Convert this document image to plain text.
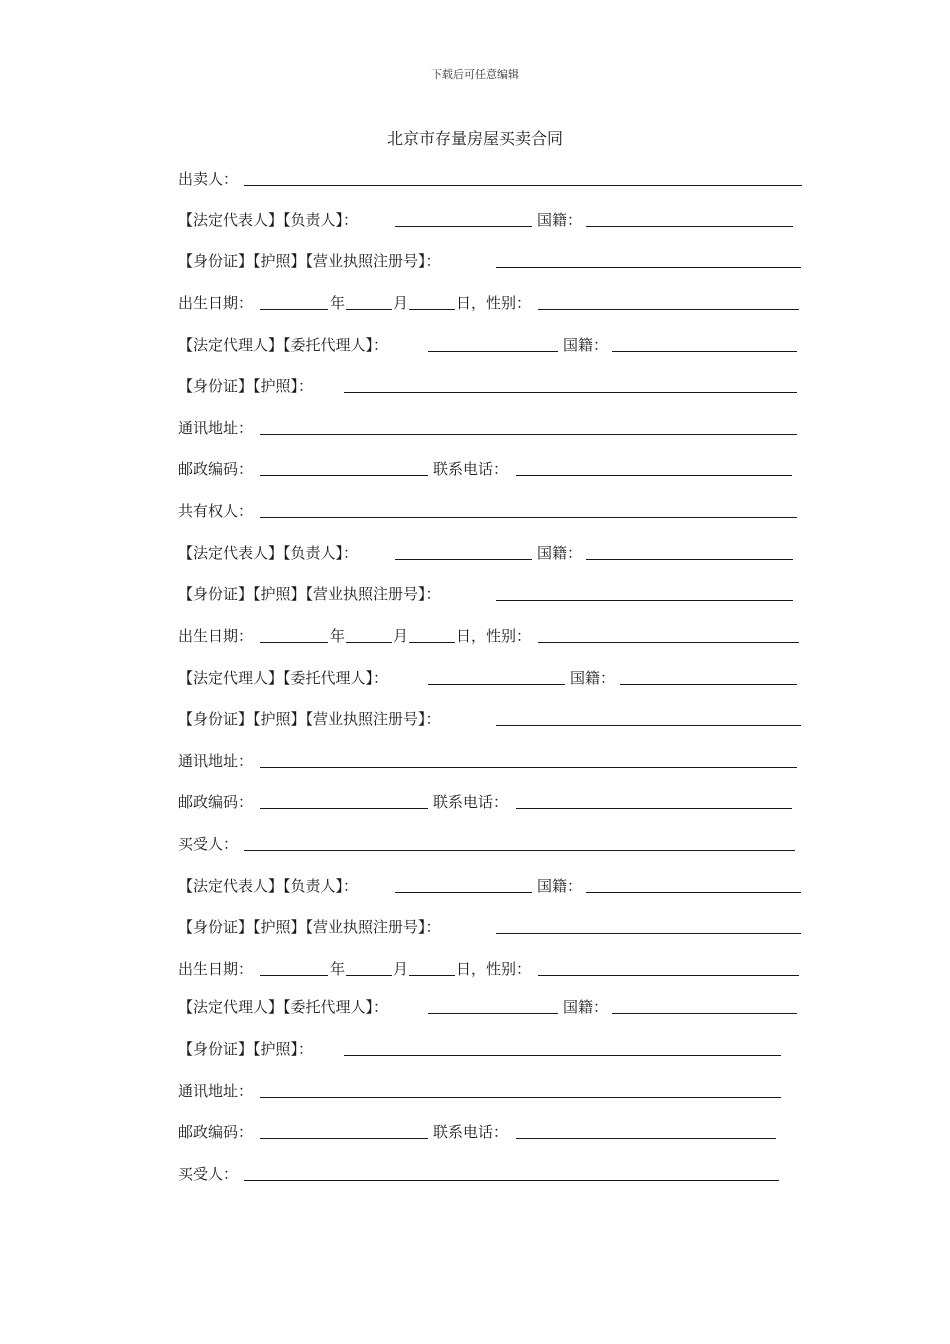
下载后可任意编辑
北京市存量房屋买卖合同
出卖人：
【法定代表人】【负责人】：	国籍：
【身份证】【护照】【营业执照注册号】：
出生日期：	年	月	日，性别：
【法定代理人】【委托代理人】：	国籍：
【身份证】【护照】：
通讯地址：
邮政编码：	联系电话：
共有权人：
【法定代表人】【负责人】：	国籍：
【身份证】【护照】【营业执照注册号】：
出生日期：	年	月	日，性别：
【法定代理人】【委托代理人】：	国籍：
【身份证】【护照】【营业执照注册号】：
通讯地址：
邮政编码：	联系电话：
买受人：
【法定代表人】【负责人】：	国籍：
【身份证】【护照】【营业执照注册号】：
出生日期：	年	月	日，性别：
【法定代理人】【委托代理人】：	国籍：
【身份证】【护照】：
通讯地址：
邮政编码：	联系电话：
买受人：
